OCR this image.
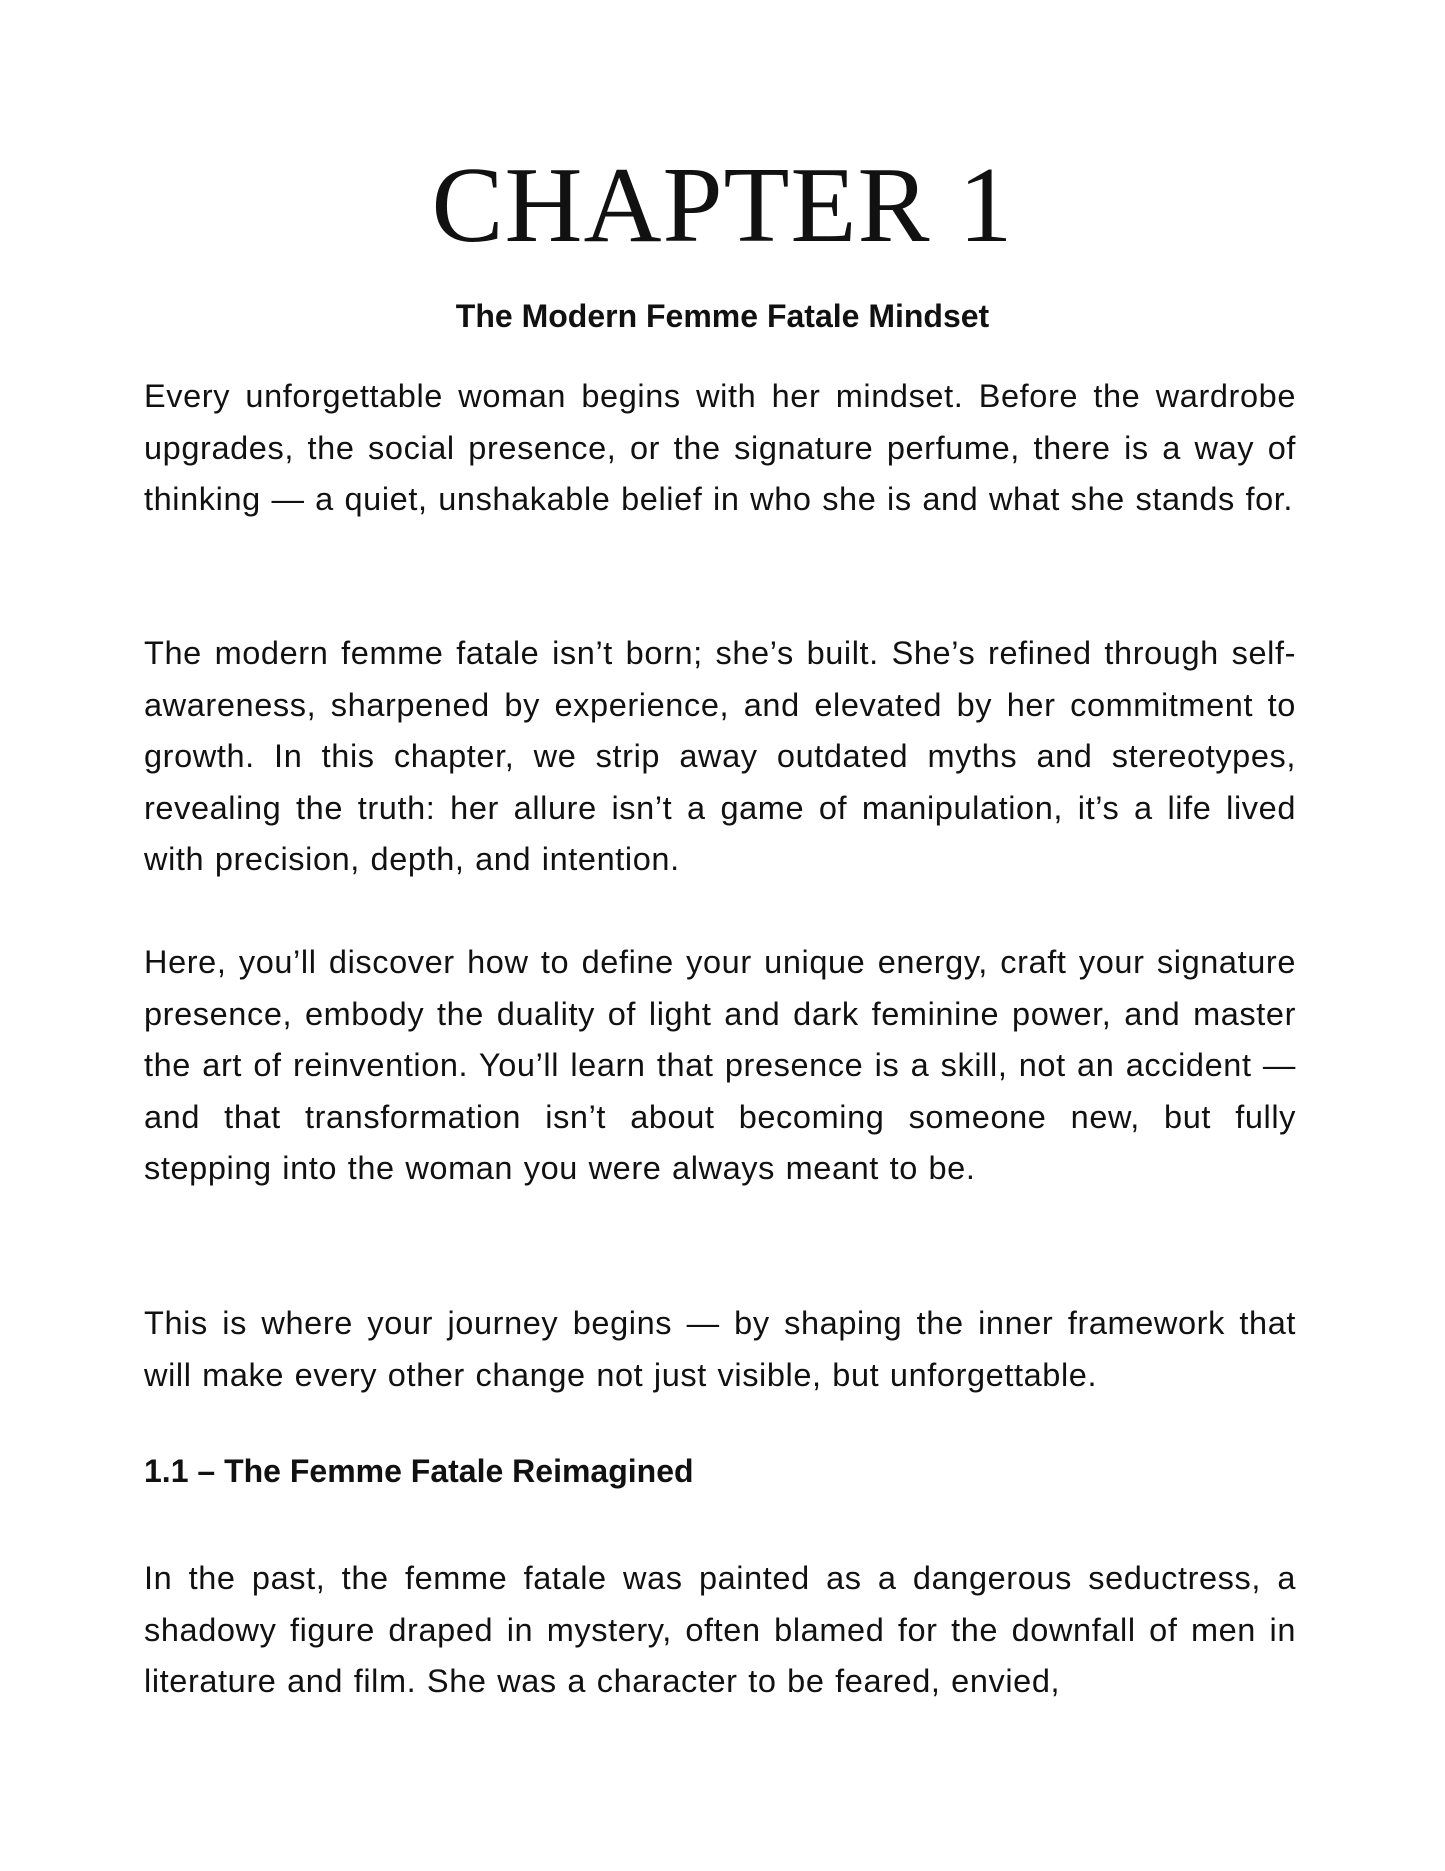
CHAPTER 1
The Modern Femme Fatale Mindset

Every unforgettable woman begins with her mindset. Before the wardrobe upgrades, the social presence, or the signature perfume, there is a way of thinking — a quiet, unshakable belief in who she is and what she stands for.

The modern femme fatale isn’t born; she’s built. She’s refined through self-awareness, sharpened by experience, and elevated by her commitment to growth. In this chapter, we strip away outdated myths and stereotypes, revealing the truth: her allure isn’t a game of manipulation, it’s a life lived with precision, depth, and intention.

Here, you’ll discover how to define your unique energy, craft your signature presence, embody the duality of light and dark feminine power, and master the art of reinvention. You’ll learn that presence is a skill, not an accident — and that transformation isn’t about becoming someone new, but fully stepping into the woman you were always meant to be.

This is where your journey begins — by shaping the inner framework that will make every other change not just visible, but unforgettable.

1.1 – The Femme Fatale Reimagined

In the past, the femme fatale was painted as a dangerous seductress, a shadowy figure draped in mystery, often blamed for the downfall of men in literature and film. She was a character to be feared, envied,
